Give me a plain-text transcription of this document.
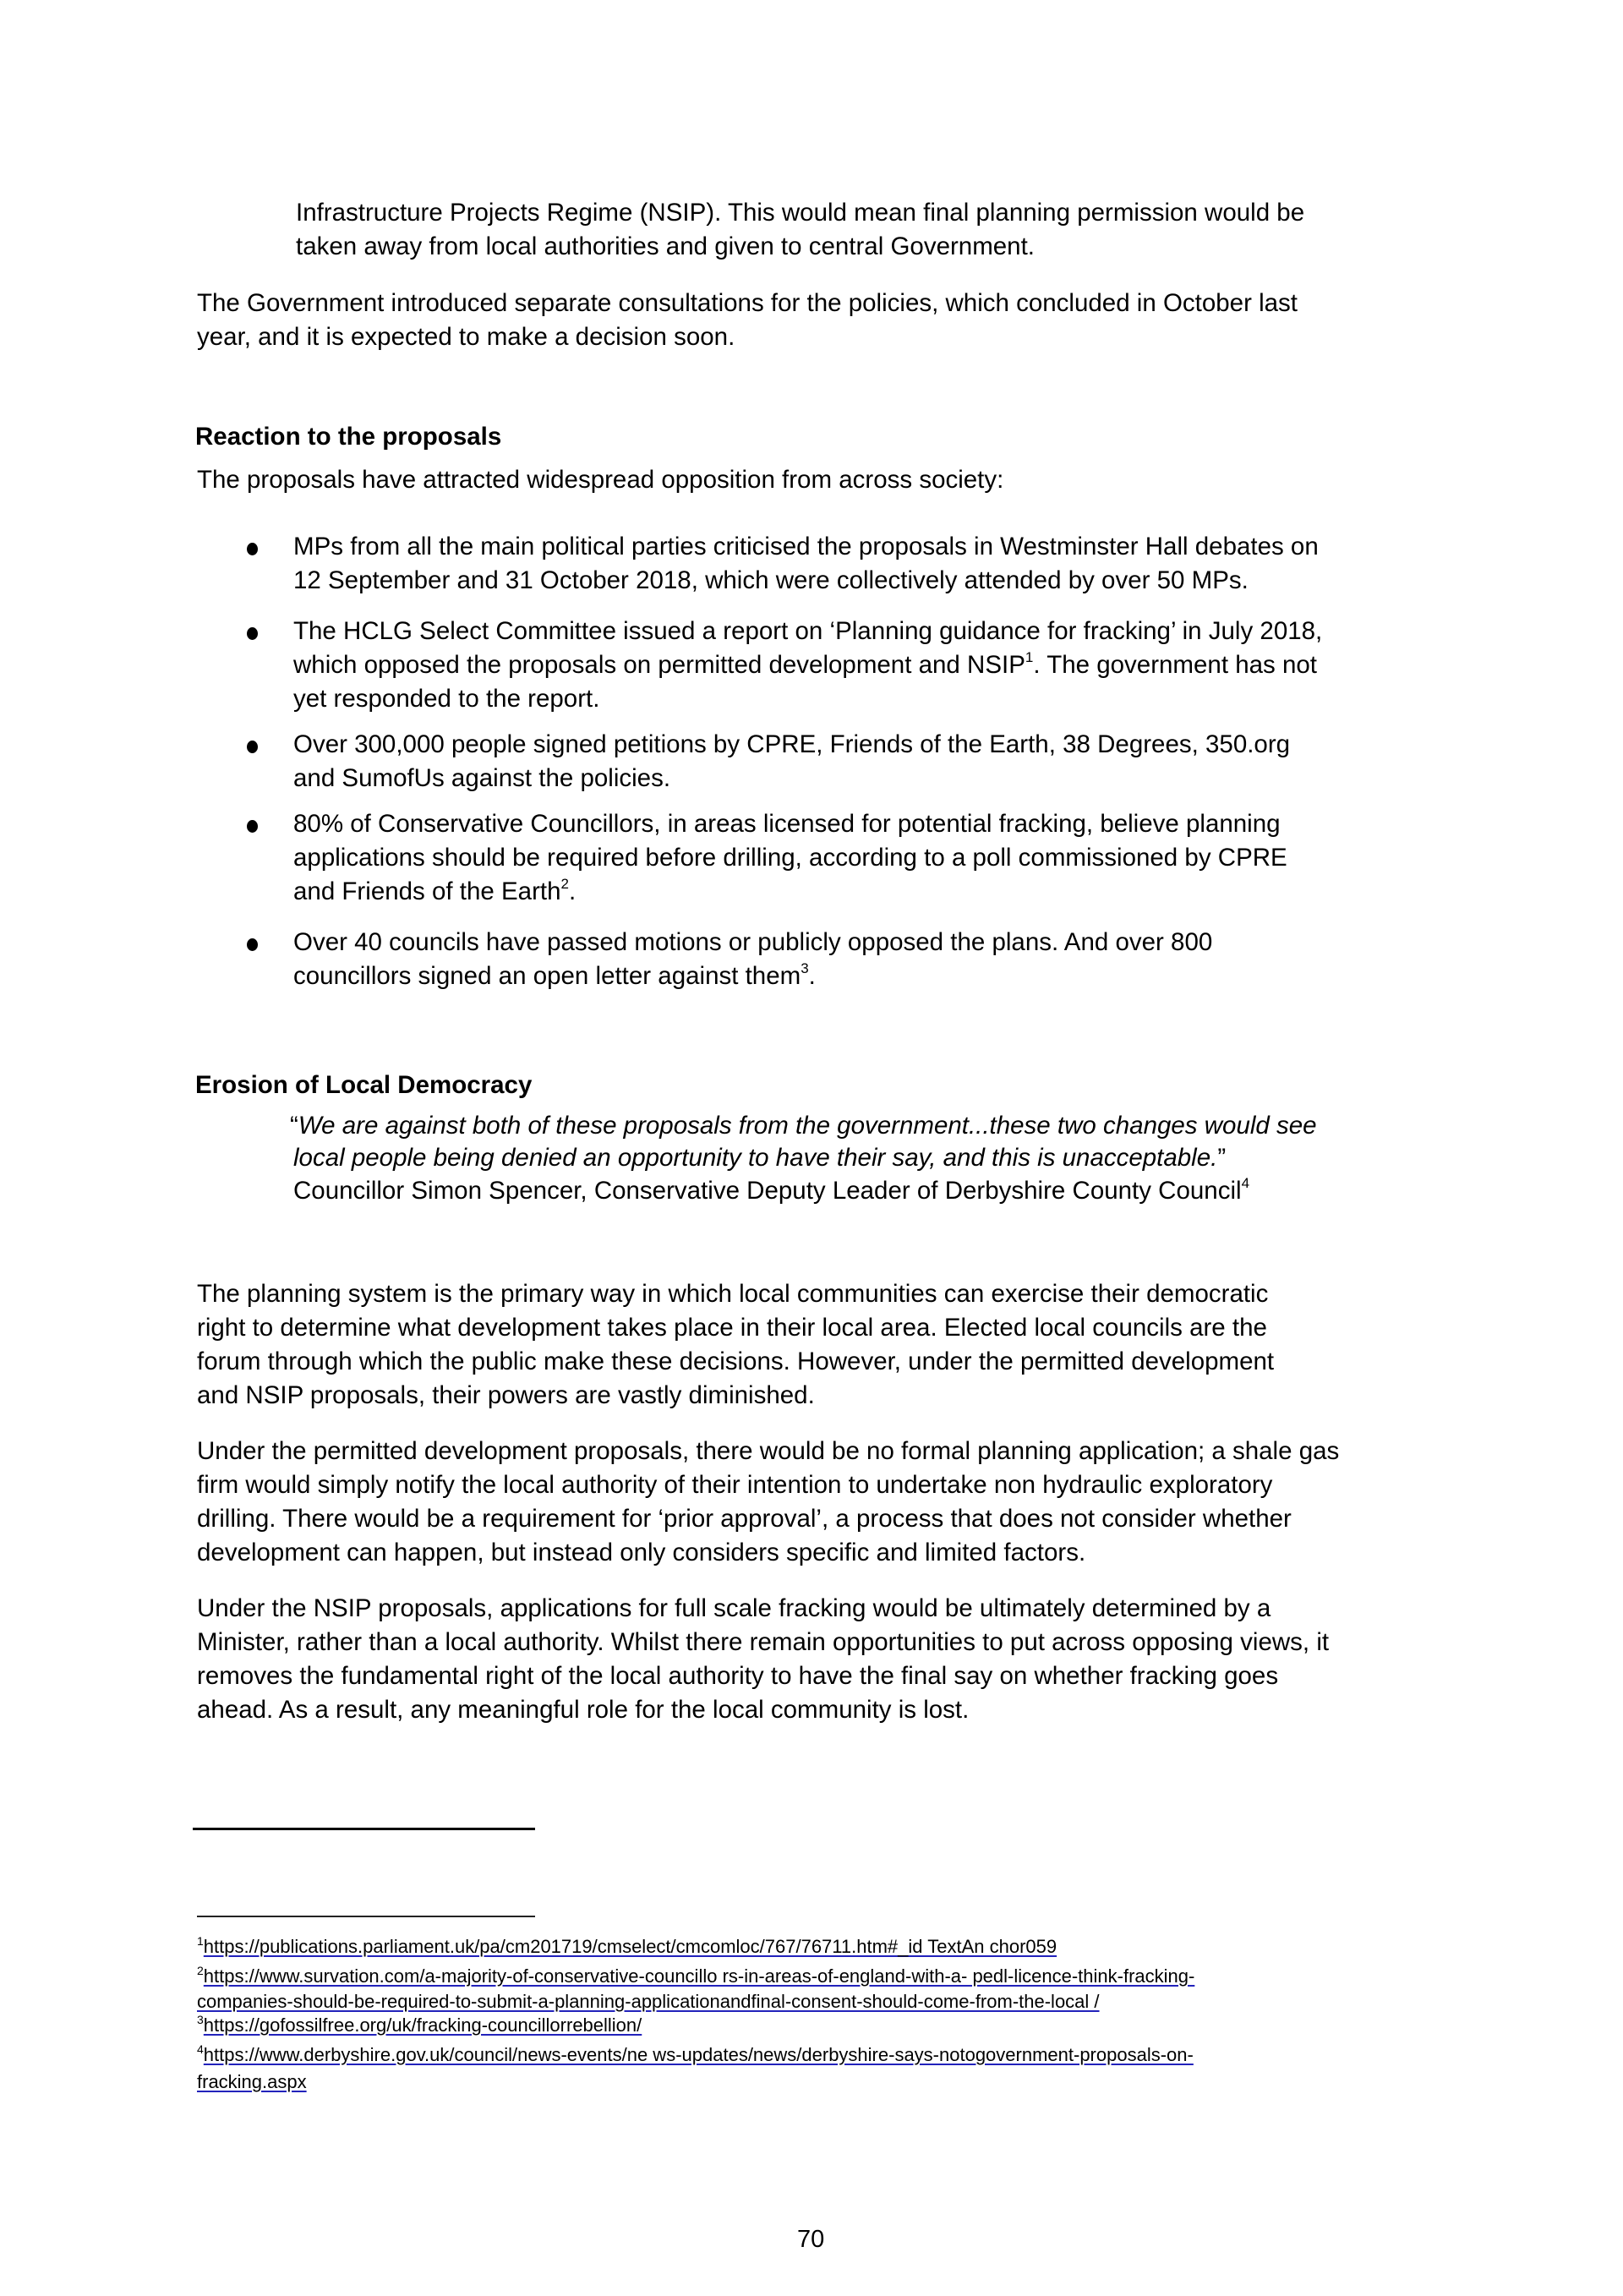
Infrastructure Projects Regime (NSIP). This would mean final planning permission would be
taken away from local authorities and given to central Government.
The Government introduced separate consultations for the policies, which concluded in October last
year, and it is expected to make a decision soon.
Reaction to the proposals
The proposals have attracted widespread opposition from across society:
MPs from all the main political parties criticised the proposals in Westminster Hall debates on
12 September and 31 October 2018, which were collectively attended by over 50 MPs.
The HCLG Select Committee issued a report on ‘Planning guidance for fracking’ in July 2018,
which opposed the proposals on permitted development and NSIP$^1$. The government has not
yet responded to the report.
Over 300,000 people signed petitions by CPRE, Friends of the Earth, 38 Degrees, 350.org
and SumofUs against the policies.
80% of Conservative Councillors, in areas licensed for potential fracking, believe planning
applications should be required before drilling, according to a poll commissioned by CPRE
and Friends of the Earth$^2$.
Over 40 councils have passed motions or publicly opposed the plans. And over 800
councillors signed an open letter against them$^3$.
Erosion of Local Democracy
“We are against both of these proposals from the government...these two changes would see
local people being denied an opportunity to have their say, and this is unacceptable.”
Councillor Simon Spencer, Conservative Deputy Leader of Derbyshire County Council$^4$
The planning system is the primary way in which local communities can exercise their democratic
right to determine what development takes place in their local area. Elected local councils are the
forum through which the public make these decisions. However, under the permitted development
and NSIP proposals, their powers are vastly diminished.
Under the permitted development proposals, there would be no formal planning application; a shale gas
firm would simply notify the local authority of their intention to undertake non hydraulic exploratory
drilling. There would be a requirement for ‘prior approval’, a process that does not consider whether
development can happen, but instead only considers specific and limited factors.
Under the NSIP proposals, applications for full scale fracking would be ultimately determined by a
Minister, rather than a local authority. Whilst there remain opportunities to put across opposing views, it
removes the fundamental right of the local authority to have the final say on whether fracking goes
ahead. As a result, any meaningful role for the local community is lost.
$^1$https://publications.parliament.uk/pa/cm201719/cmselect/cmcomloc/767/76711.htm#_id TextAn chor059
$^2$https://www.survation.com/a-majority-of-conservative-councillo rs-in-areas-of-england-with-a- pedl-licence-think-fracking-
companies-should-be-required-to-submit-a-planning-applicationandfinal-consent-should-come-from-the-local /
$^3$https://gofossilfree.org/uk/fracking-councillorrebellion/
$^4$https://www.derbyshire.gov.uk/council/news-events/ne ws-updates/news/derbyshire-says-notogovernment-proposals-on-
fracking.aspx
70
